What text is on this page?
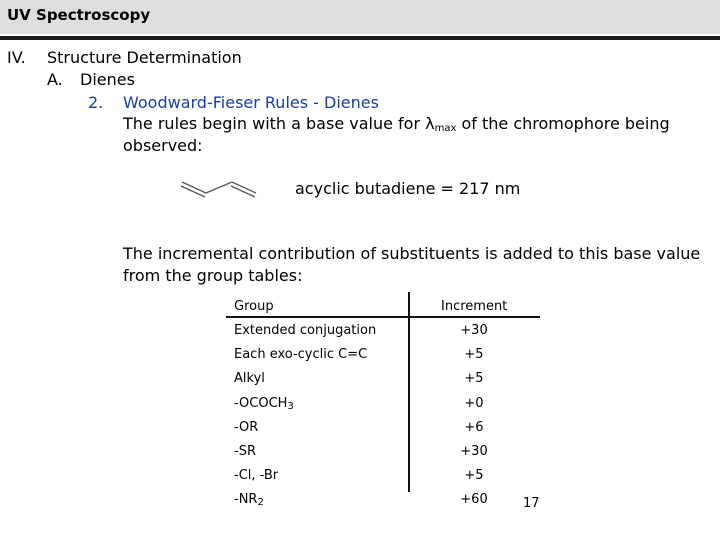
UV Spectroscopy
IV. Structure Determination
A. Dienes
2. Woodward-Fieser Rules - Dienes
The rules begin with a base value for $\lambda_{max}$ of the chromophore being
observed:
acyclic butadiene = 217 nm
The incremental contribution of substituents is added to this base value
from the group tables:
Group	Increment
Extended conjugation	+30
Each exo-cyclic C=C	+5
Alkyl	+5
$-OCOCH_3$	+0
-OR	+6
-SR	+30
-Cl, -Br	+5
$-NR_2$	+60	17
